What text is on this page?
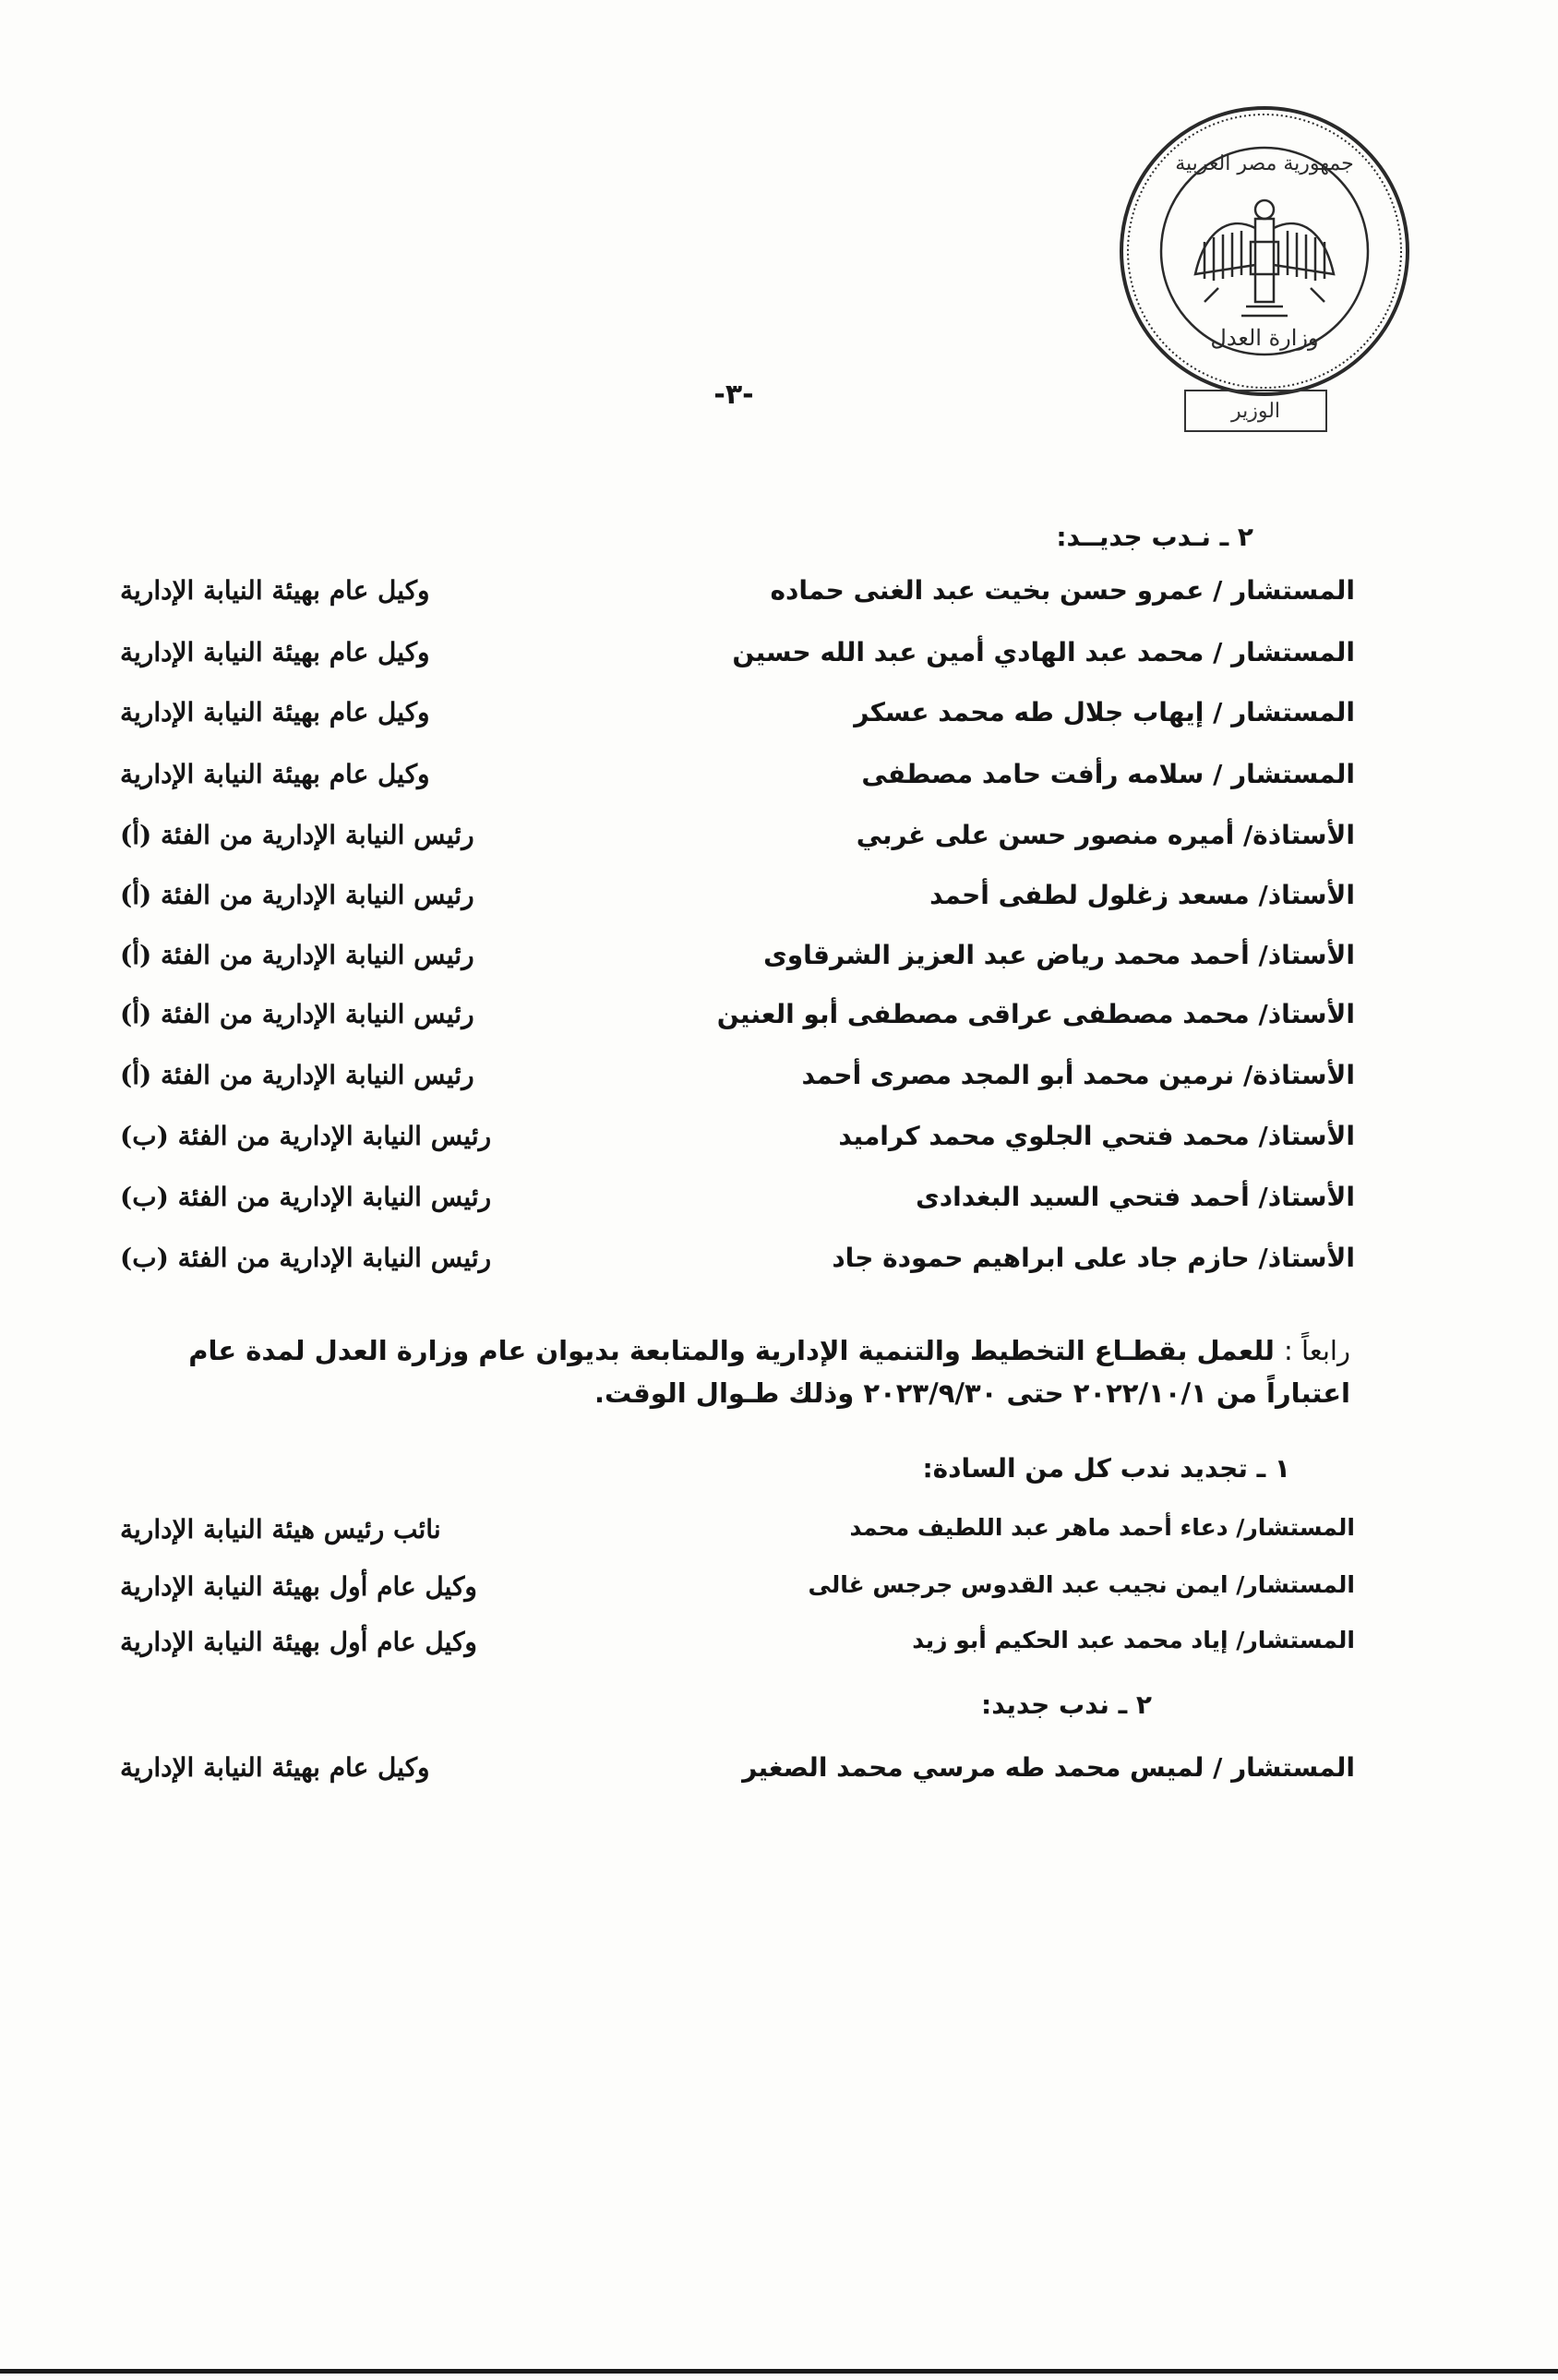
جمهورية مصر العربية
وزارة العدل
الوزير
-٣-
٢ ـ نـدب جديــد:
المستشار / عمرو حسن بخيت عبد الغنى حماده
وكيل عام بهيئة النيابة الإدارية
المستشار / محمد عبد الهادي أمين عبد الله حسين
وكيل عام بهيئة النيابة الإدارية
المستشار / إيهاب جلال طه محمد عسكر
وكيل عام بهيئة النيابة الإدارية
المستشار / سلامه رأفت حامد مصطفى
وكيل عام بهيئة النيابة الإدارية
الأستاذة/ أميره منصور حسن على غربي
رئيس النيابة الإدارية من الفئة (أ)
الأستاذ/ مسعد زغلول لطفى أحمد
رئيس النيابة الإدارية من الفئة (أ)
الأستاذ/ أحمد محمد رياض عبد العزيز الشرقاوى
رئيس النيابة الإدارية من الفئة (أ)
الأستاذ/ محمد مصطفى عراقى مصطفى أبو العنين
رئيس النيابة الإدارية من الفئة (أ)
الأستاذة/ نرمين محمد أبو المجد مصرى أحمد
رئيس النيابة الإدارية من الفئة (أ)
الأستاذ/ محمد فتحي الجلوي محمد كراميد
رئيس النيابة الإدارية من الفئة (ب)
الأستاذ/ أحمد فتحي السيد البغدادى
رئيس النيابة الإدارية من الفئة (ب)
الأستاذ/ حازم جاد على ابراهيم حمودة جاد
رئيس النيابة الإدارية من الفئة (ب)
رابعاً : للعمل بقطـاع التخطيط والتنمية الإدارية والمتابعة بديوان عام وزارة العدل لمدة عام اعتباراً من ٢٠٢٢/١٠/١ حتى ٢٠٢٣/٩/٣٠ وذلك طـوال الوقت.
١ ـ تجديد ندب كل من السادة:
المستشار/ دعاء أحمد ماهر عبد اللطيف محمد
نائب رئيس هيئة النيابة الإدارية
المستشار/ ايمن نجيب عبد القدوس جرجس غالى
وكيل عام أول بهيئة النيابة الإدارية
المستشار/ إياد محمد عبد الحكيم أبو زيد
وكيل عام أول بهيئة النيابة الإدارية
٢ ـ ندب جديد:
المستشار / لميس محمد طه مرسي محمد الصغير
وكيل عام بهيئة النيابة الإدارية
